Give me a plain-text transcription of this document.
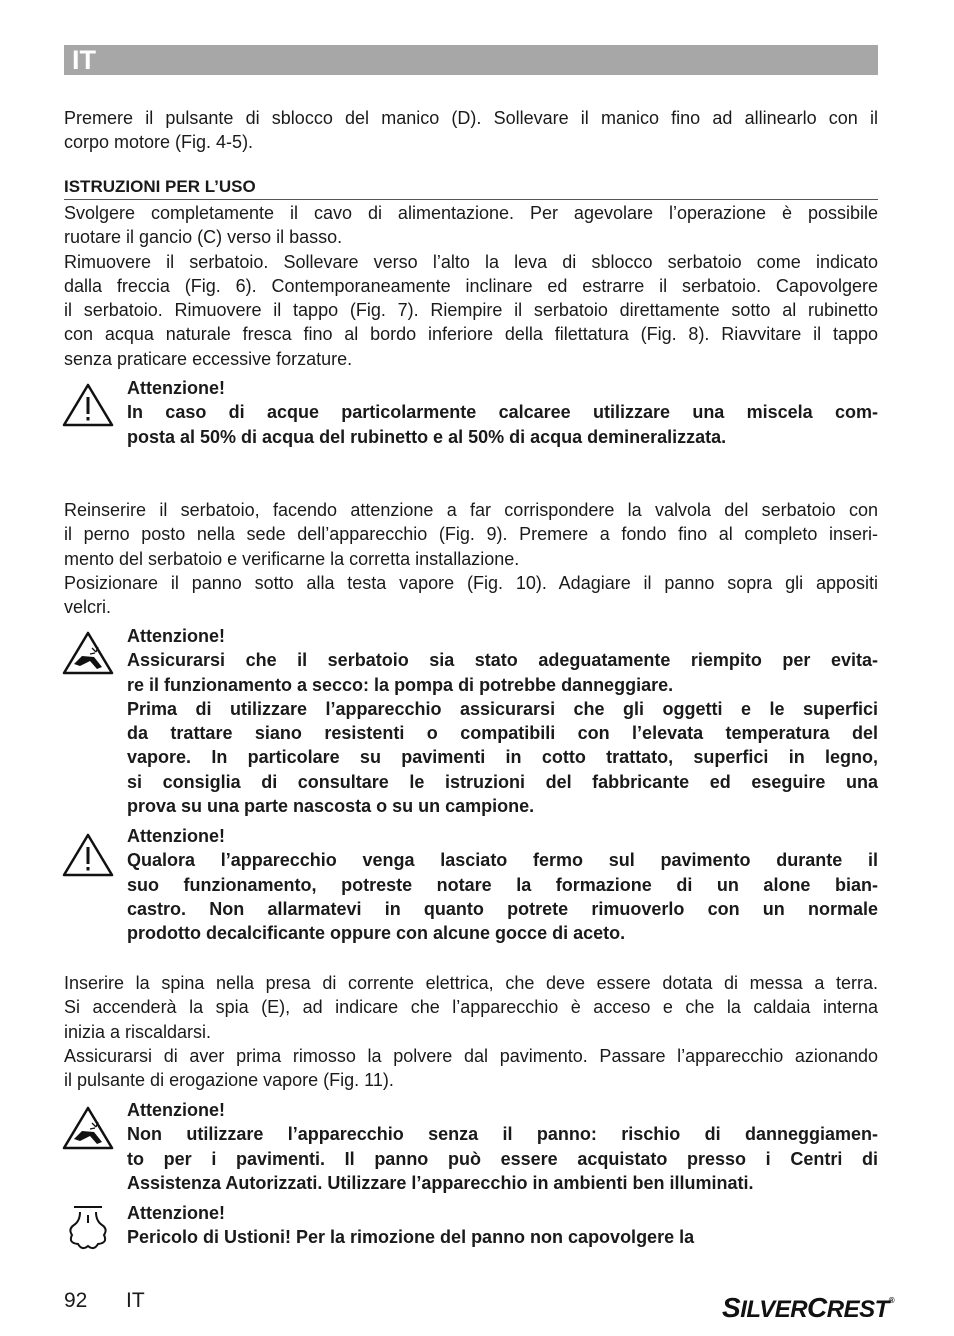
IT
ISTRUZIONI PER L’USO
Premere il pulsante di sblocco del manico (D). Sollevare il manico fino ad allinearlo con il
corpo motore (Fig. 4-5).
Svolgere completamente il cavo di alimentazione. Per agevolare l’operazione è possibile
ruotare il gancio (C) verso il basso.
Rimuovere il serbatoio. Sollevare verso l’alto la leva di sblocco serbatoio come indicato
dalla freccia (Fig. 6). Contemporaneamente inclinare ed estrarre il serbatoio. Capovolgere
il serbatoio. Rimuovere il tappo (Fig. 7). Riempire il serbatoio direttamente sotto al rubinetto
con acqua naturale fresca fino al bordo inferiore della filettatura (Fig. 8). Riavvitare il tappo
senza praticare eccessive forzature.
Attenzione!
In caso di acque particolarmente calcaree utilizzare una miscela com-
posta al 50% di acqua del rubinetto e al 50% di acqua demineralizzata.
Reinserire il serbatoio, facendo attenzione a far corrispondere la valvola del serbatoio con
il perno posto nella sede dell’apparecchio (Fig. 9). Premere a fondo fino al completo inseri-
mento del serbatoio e verificarne la corretta installazione.
Posizionare il panno sotto alla testa vapore (Fig. 10). Adagiare il panno sopra gli appositi
velcri.
Attenzione!
Assicurarsi che il serbatoio sia stato adeguatamente riempito per evita-
re il funzionamento a secco: la pompa di potrebbe danneggiare.
Prima di utilizzare l’apparecchio assicurarsi che gli oggetti e le superfici
da trattare siano resistenti o compatibili con l’elevata temperatura del
vapore. In particolare su pavimenti in cotto trattato, superfici in legno,
si consiglia di consultare le istruzioni del fabbricante ed eseguire una
prova su una parte nascosta o su un campione.
Attenzione!
Qualora l’apparecchio venga lasciato fermo sul pavimento durante il
suo funzionamento, potreste notare la formazione di un alone bian-
castro. Non allarmatevi in quanto potrete rimuoverlo con un normale
prodotto decalcificante oppure con alcune gocce di aceto.
Inserire la spina nella presa di corrente elettrica, che deve essere dotata di messa a terra.
Si accenderà la spia (E), ad indicare che l’apparecchio è acceso e che la caldaia interna
inizia a riscaldarsi.
Assicurarsi di aver prima rimosso la polvere dal pavimento. Passare l’apparecchio azionando
il pulsante di erogazione vapore (Fig. 11).
Attenzione!
Non utilizzare l’apparecchio senza il panno: rischio di danneggiamen-
to per i pavimenti. Il panno può essere acquistato presso i Centri di
Assistenza Autorizzati. Utilizzare l’apparecchio in ambienti ben illuminati.
Attenzione!
Pericolo di Ustioni! Per la rimozione del panno non capovolgere la
92 IT	SILVERCREST®
